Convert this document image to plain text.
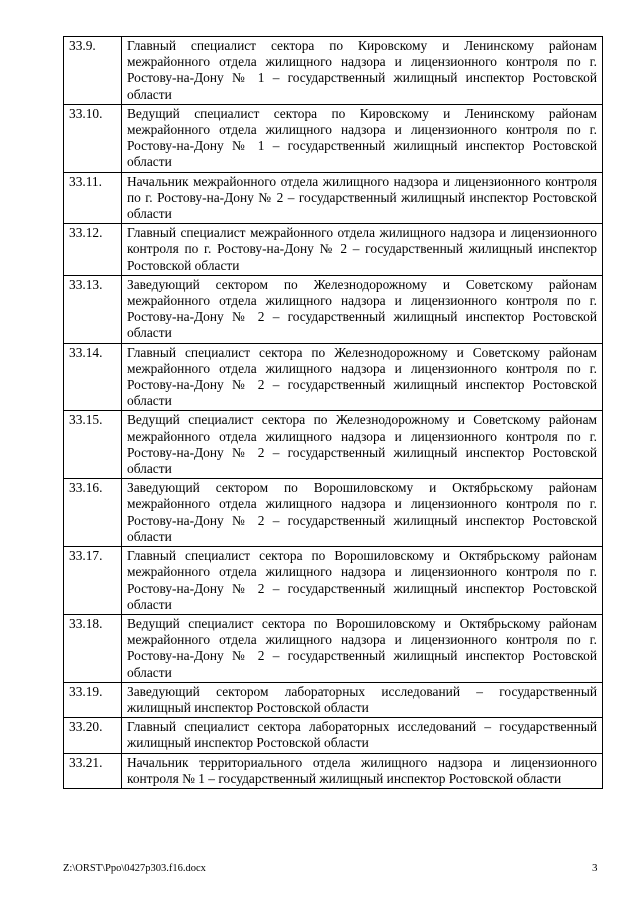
33.9.	Главный специалист сектора по Кировскому и Ленинскому районам межрайонного отдела жилищного надзора и лицензионного контроля по г. Ростову-на-Дону № 1 – государственный жилищный инспектор Ростовской области
33.10.	Ведущий специалист сектора по Кировскому и Ленинскому районам межрайонного отдела жилищного надзора и лицензионного контроля по г. Ростову-на-Дону № 1 – государственный жилищный инспектор Ростовской области
33.11.	Начальник межрайонного отдела жилищного надзора и лицензионного контроля по г. Ростову-на-Дону № 2 – государственный жилищный инспектор Ростовской области
33.12.	Главный специалист межрайонного отдела жилищного надзора и лицензионного контроля по г. Ростову-на-Дону № 2 – государственный жилищный инспектор Ростовской области
33.13.	Заведующий сектором по Железнодорожному и Советскому районам межрайонного отдела жилищного надзора и лицензионного контроля по г. Ростову-на-Дону № 2 – государственный жилищный инспектор Ростовской области
33.14.	Главный специалист сектора по Железнодорожному и Советскому районам межрайонного отдела жилищного надзора и лицензионного контроля по г. Ростову-на-Дону № 2 – государственный жилищный инспектор Ростовской области
33.15.	Ведущий специалист сектора по Железнодорожному и Советскому районам межрайонного отдела жилищного надзора и лицензионного контроля по г. Ростову-на-Дону № 2 – государственный жилищный инспектор Ростовской области
33.16.	Заведующий сектором по Ворошиловскому и Октябрьскому районам межрайонного отдела жилищного надзора и лицензионного контроля по г. Ростову-на-Дону № 2 – государственный жилищный инспектор Ростовской области
33.17.	Главный специалист сектора по Ворошиловскому и Октябрьскому районам межрайонного отдела жилищного надзора и лицензионного контроля по г. Ростову-на-Дону № 2 – государственный жилищный инспектор Ростовской области
33.18.	Ведущий специалист сектора по Ворошиловскому и Октябрьскому районам межрайонного отдела жилищного надзора и лицензионного контроля по г. Ростову-на-Дону № 2 – государственный жилищный инспектор Ростовской области
33.19.	Заведующий сектором лабораторных исследований – государственный жилищный инспектор Ростовской области
33.20.	Главный специалист сектора лабораторных исследований – государственный жилищный инспектор Ростовской области
33.21.	Начальник территориального отдела жилищного надзора и лицензионного контроля № 1 – государственный жилищный инспектор Ростовской области
Z:\ORST\Ppo\0427p303.f16.docx	3
